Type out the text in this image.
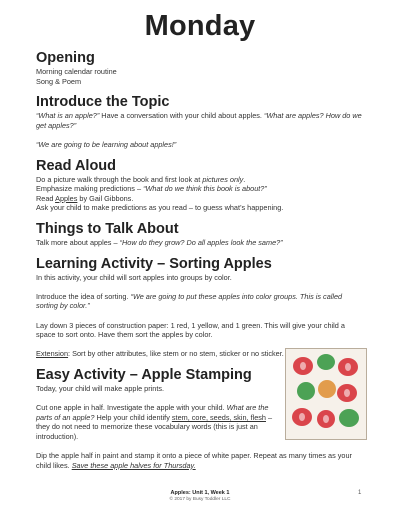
Monday
Opening

Morning calendar routine

Song & Poem

Introduce the Topic

“What is an apple?” Have a conversation with your child about apples. “What are apples? How do we get apples?”

“We are going to be learning about apples!”

Read Aloud

Do a picture walk through the book and first look at pictures only.

Emphasize making predictions – “What do we think this book is about?”

Read Apples by Gail Gibbons.

Ask your child to make predictions as you read – to guess what’s happening.

Things to Talk About

Talk more about apples – “How do they grow? Do all apples look the same?”

Learning Activity – Sorting Apples

In this activity, your child will sort apples into groups by color.

Introduce the idea of sorting. “We are going to put these apples into color groups. This is called sorting by color.”

Lay down 3 pieces of construction paper: 1 red, 1 yellow, and 1 green. This will give your child a space to sort onto. Have them sort the apples by color.

Extension: Sort by other attributes, like stem or no stem, sticker or no sticker.

Easy Activity – Apple Stamping

Today, your child will make apple prints.

Cut one apple in half. Investigate the apple with your child. What are the parts of an apple? Help your child identify stem, core, seeds, skin, flesh – they do not need to memorize these vocabulary words (this is just an introduction).

Dip the apple half in paint and stamp it onto a piece of white paper. Repeat as many times as your child likes. Save these apple halves for Thursday.

Apples: Unit 1, Week 1
© 2017 by Busy Toddler LLC
1
